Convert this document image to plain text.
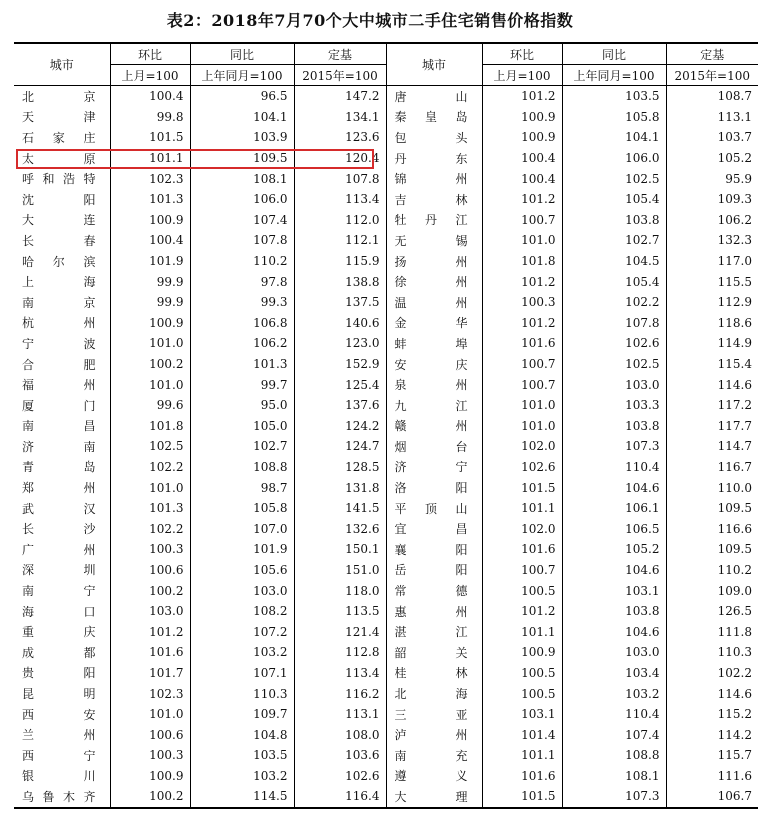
表2：2018年7月70个大中城市二手住宅销售价格指数
城市	环比	同比	定基	城市	环比	同比	定基
	上月=100	上年同月=100	2015年=100		上月=100	上年同月=100	2015年=100
北京	100.4	96.5	147.2	唐山	101.2	103.5	108.7
天津	99.8	104.1	134.1	秦皇岛	100.9	105.8	113.1
石家庄	101.5	103.9	123.6	包头	100.9	104.1	103.7
太原	101.1	109.5	120.4	丹东	100.4	106.0	105.2
呼和浩特	102.3	108.1	107.8	锦州	100.4	102.5	95.9
沈阳	101.3	106.0	113.4	吉林	101.2	105.4	109.3
大连	100.9	107.4	112.0	牡丹江	100.7	103.8	106.2
长春	100.4	107.8	112.1	无锡	101.0	102.7	132.3
哈尔滨	101.9	110.2	115.9	扬州	101.8	104.5	117.0
上海	99.9	97.8	138.8	徐州	101.2	105.4	115.5
南京	99.9	99.3	137.5	温州	100.3	102.2	112.9
杭州	100.9	106.8	140.6	金华	101.2	107.8	118.6
宁波	101.0	106.2	123.0	蚌埠	101.6	102.6	114.9
合肥	100.2	101.3	152.9	安庆	100.7	102.5	115.4
福州	101.0	99.7	125.4	泉州	100.7	103.0	114.6
厦门	99.6	95.0	137.6	九江	101.0	103.3	117.2
南昌	101.8	105.0	124.2	赣州	101.0	103.8	117.7
济南	102.5	102.7	124.7	烟台	102.0	107.3	114.7
青岛	102.2	108.8	128.5	济宁	102.6	110.4	116.7
郑州	101.0	98.7	131.8	洛阳	101.5	104.6	110.0
武汉	101.3	105.8	141.5	平顶山	101.1	106.1	109.5
长沙	102.2	107.0	132.6	宜昌	102.0	106.5	116.6
广州	100.3	101.9	150.1	襄阳	101.6	105.2	109.5
深圳	100.6	105.6	151.0	岳阳	100.7	104.6	110.2
南宁	100.2	103.0	118.0	常德	100.5	103.1	109.0
海口	103.0	108.2	113.5	惠州	101.2	103.8	126.5
重庆	101.2	107.2	121.4	湛江	101.1	104.6	111.8
成都	101.6	103.2	112.8	韶关	100.9	103.0	110.3
贵阳	101.7	107.1	113.4	桂林	100.5	103.4	102.2
昆明	102.3	110.3	116.2	北海	100.5	103.2	114.6
西安	101.0	109.7	113.1	三亚	103.1	110.4	115.2
兰州	100.6	104.8	108.0	泸州	101.4	107.4	114.2
西宁	100.3	103.5	103.6	南充	101.1	108.8	115.7
银川	100.9	103.2	102.6	遵义	101.6	108.1	111.6
乌鲁木齐	100.2	114.5	116.4	大理	101.5	107.3	106.7
